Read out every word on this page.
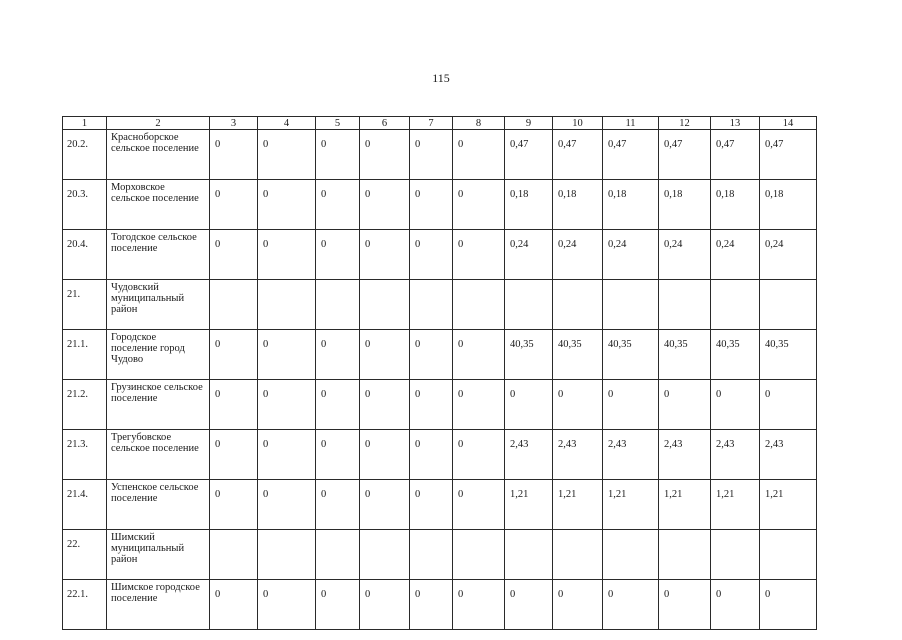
115
1	2	3	4	5	6	7	8	9	10	11	12	13	14
20.2.	Красноборское сельское поселение	0	0	0	0	0	0	0,47	0,47	0,47	0,47	0,47	0,47
20.3.	Морховское сельское поселение	0	0	0	0	0	0	0,18	0,18	0,18	0,18	0,18	0,18
20.4.	Тогодское сельское поселение	0	0	0	0	0	0	0,24	0,24	0,24	0,24	0,24	0,24
21.	Чудовский муниципальный район												
21.1.	Городское поселение город Чудово	0	0	0	0	0	0	40,35	40,35	40,35	40,35	40,35	40,35
21.2.	Грузинское сельское поселение	0	0	0	0	0	0	0	0	0	0	0	0
21.3.	Трегубовское сельское поселение	0	0	0	0	0	0	2,43	2,43	2,43	2,43	2,43	2,43
21.4.	Успенское сельское поселение	0	0	0	0	0	0	1,21	1,21	1,21	1,21	1,21	1,21
22.	Шимский муниципальный район												
22.1.	Шимское городское поселение	0	0	0	0	0	0	0	0	0	0	0	0
